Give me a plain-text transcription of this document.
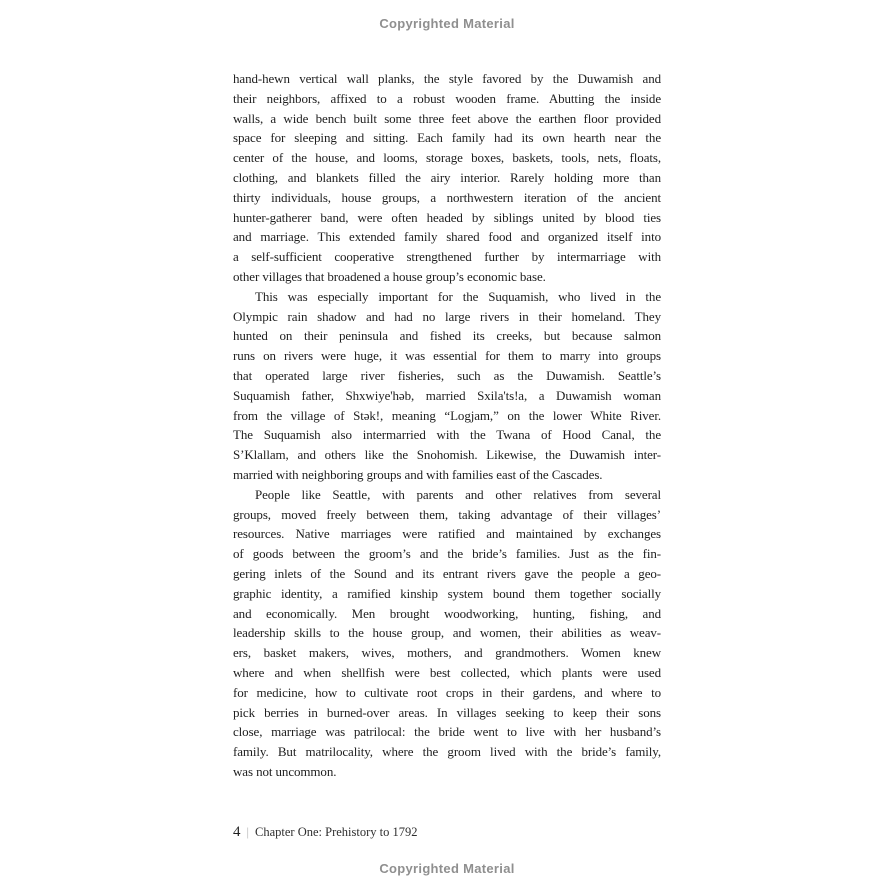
Copyrighted Material
hand-hewn vertical wall planks, the style favored by the Duwamish and
their neighbors, affixed to a robust wooden frame. Abutting the inside
walls, a wide bench built some three feet above the earthen floor provided
space for sleeping and sitting. Each family had its own hearth near the
center of the house, and looms, storage boxes, baskets, tools, nets, floats,
clothing, and blankets filled the airy interior. Rarely holding more than
thirty individuals, house groups, a northwestern iteration of the ancient
hunter-gatherer band, were often headed by siblings united by blood ties
and marriage. This extended family shared food and organized itself into
a self-sufficient cooperative strengthened further by intermarriage with
other villages that broadened a house group’s economic base.
This was especially important for the Suquamish, who lived in the
Olympic rain shadow and had no large rivers in their homeland. They
hunted on their peninsula and fished its creeks, but because salmon
runs on rivers were huge, it was essential for them to marry into groups
that operated large river fisheries, such as the Duwamish. Seattle’s
Suquamish father, Shxwiye'həb, married Sxila'ts!a, a Duwamish woman
from the village of Stək!, meaning “Logjam,” on the lower White River.
The Suquamish also intermarried with the Twana of Hood Canal, the
S’Klallam, and others like the Snohomish. Likewise, the Duwamish inter-
married with neighboring groups and with families east of the Cascades.
People like Seattle, with parents and other relatives from several
groups, moved freely between them, taking advantage of their villages’
resources. Native marriages were ratified and maintained by exchanges
of goods between the groom’s and the bride’s families. Just as the fin-
gering inlets of the Sound and its entrant rivers gave the people a geo-
graphic identity, a ramified kinship system bound them together socially
and economically. Men brought woodworking, hunting, fishing, and
leadership skills to the house group, and women, their abilities as weav-
ers, basket makers, wives, mothers, and grandmothers. Women knew
where and when shellfish were best collected, which plants were used
for medicine, how to cultivate root crops in their gardens, and where to
pick berries in burned-over areas. In villages seeking to keep their sons
close, marriage was patrilocal: the bride went to live with her husband’s
family. But matrilocality, where the groom lived with the bride’s family,
was not uncommon.
4 | Chapter One: Prehistory to 1792
Copyrighted Material
